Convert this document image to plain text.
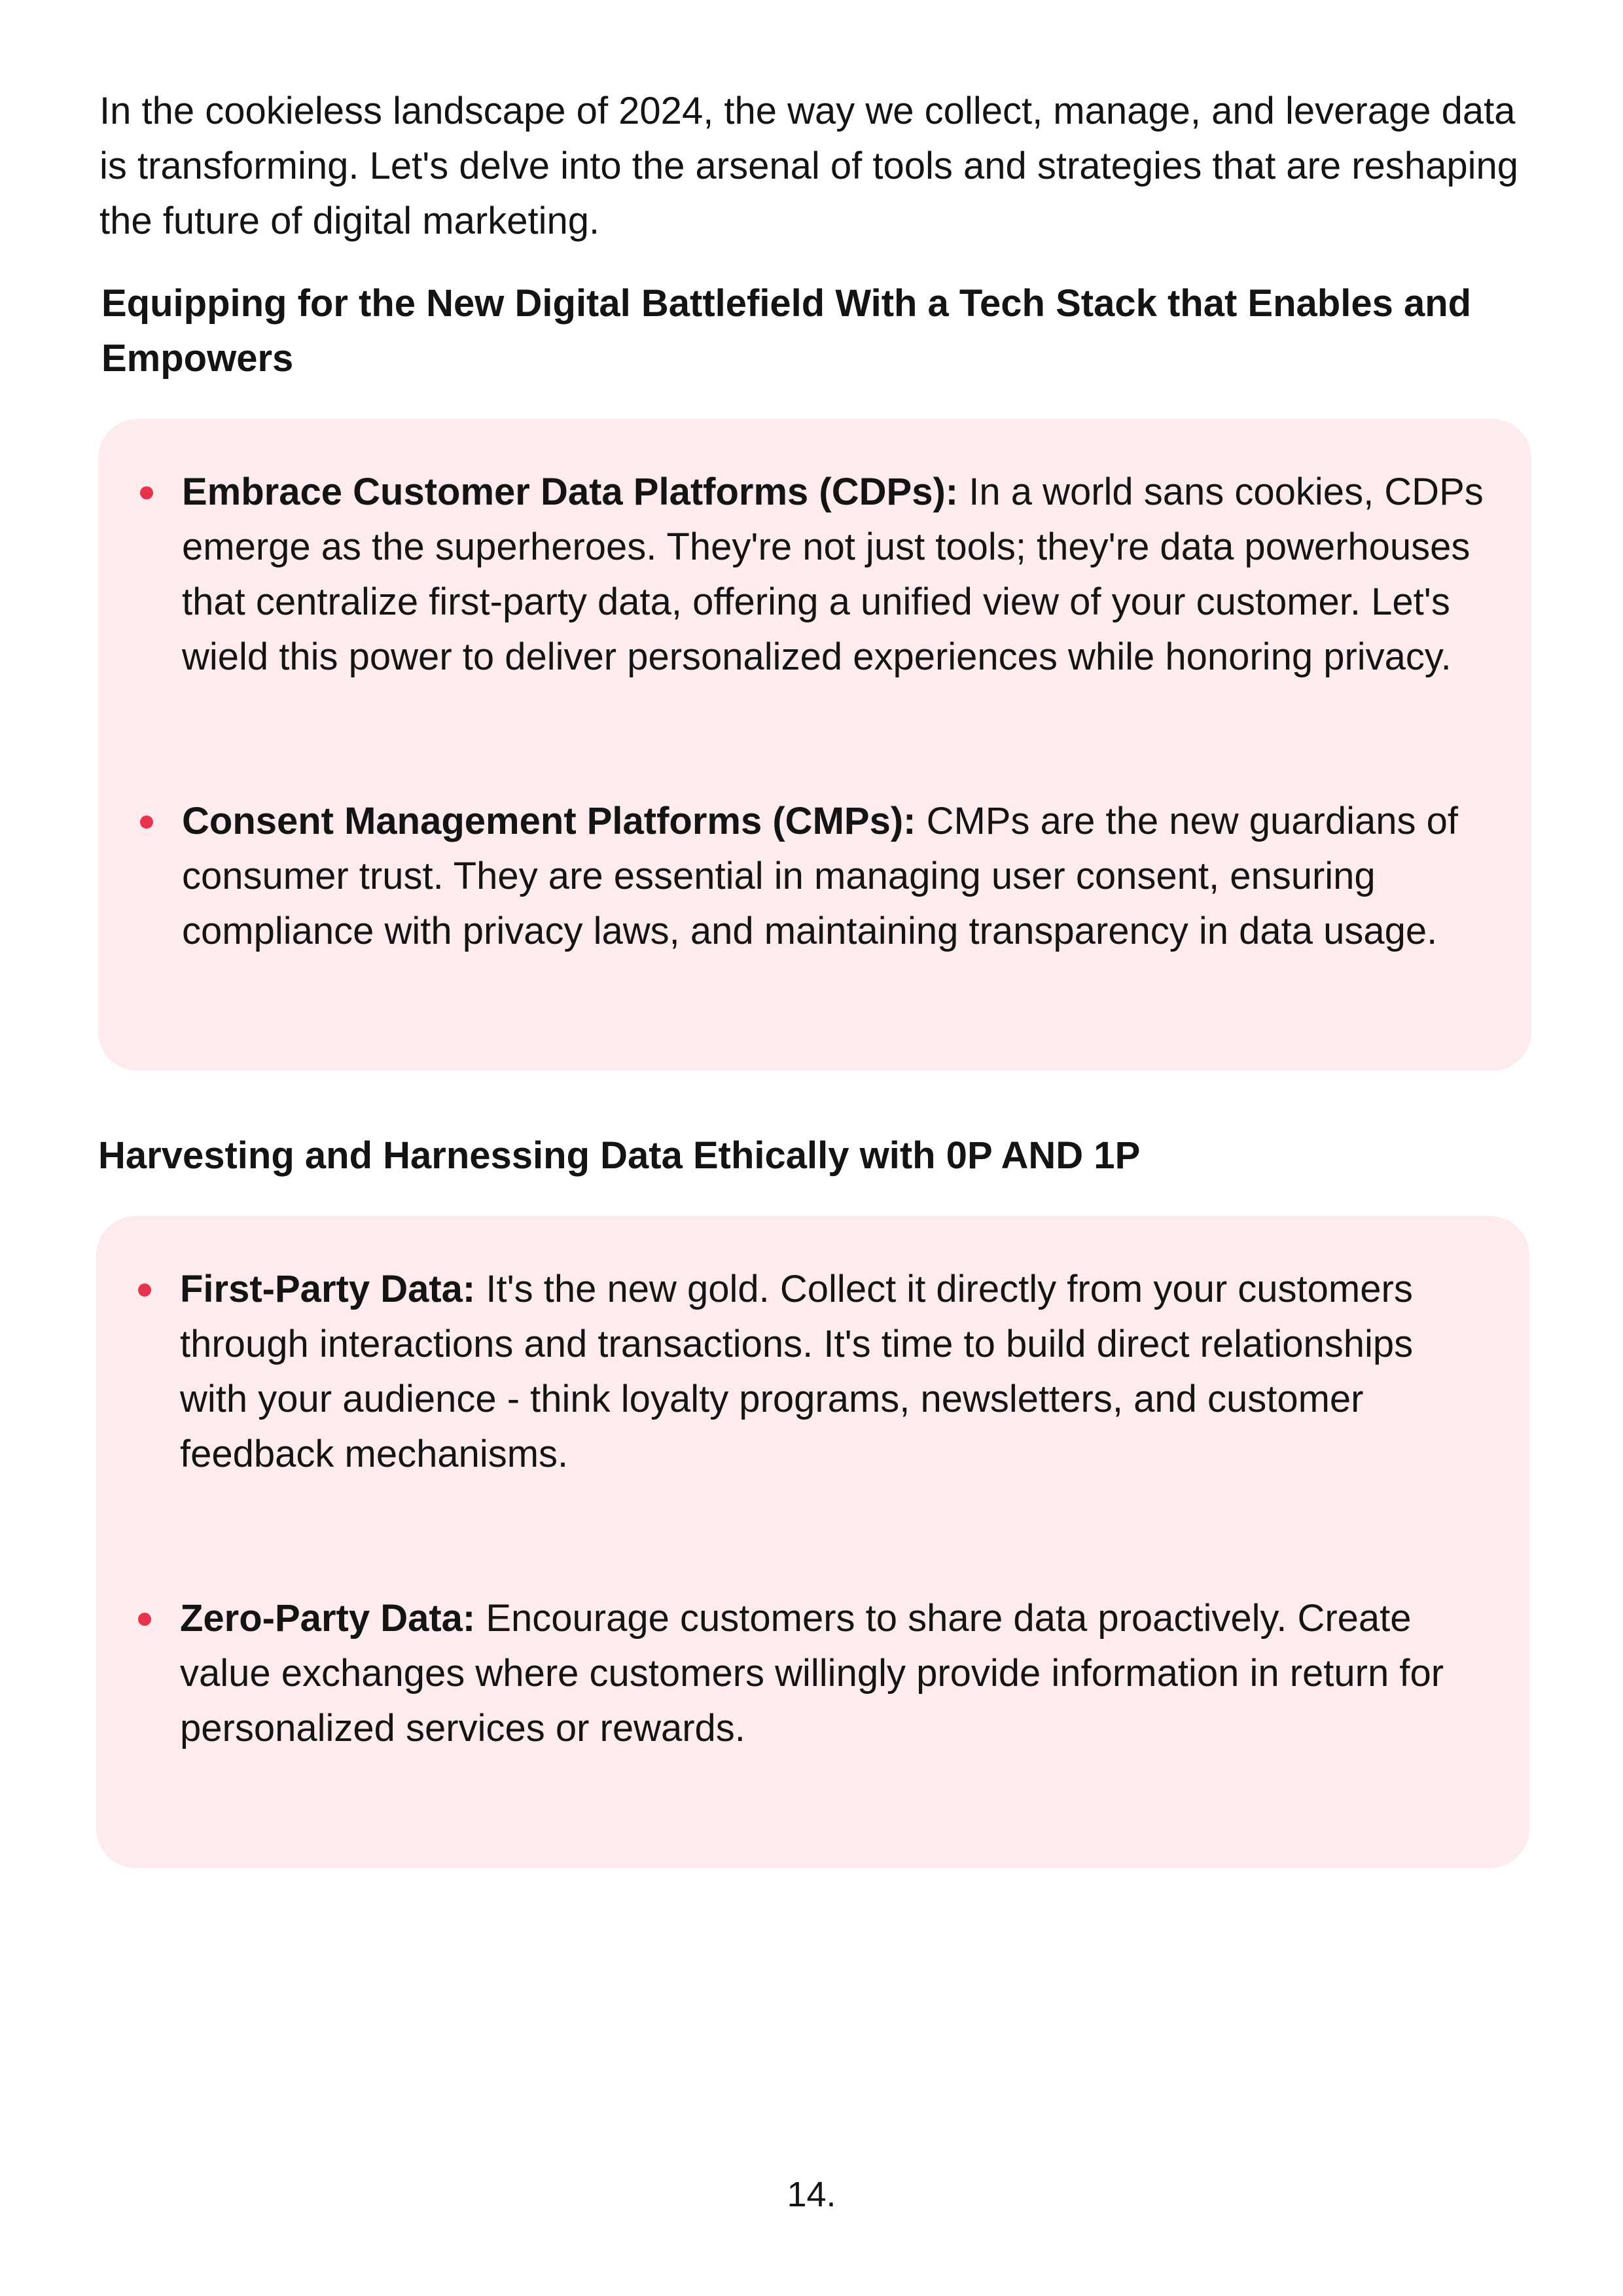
In the cookieless landscape of 2024, the way we collect, manage, and leverage data is transforming. Let's delve into the arsenal of tools and strategies that are reshaping the future of digital marketing.

Equipping for the New Digital Battlefield With a Tech Stack that Enables and Empowers
Embrace Customer Data Platforms (CDPs): In a world sans cookies, CDPs emerge as the superheroes. They're not just tools; they're data powerhouses that centralize first-party data, offering a unified view of your customer. Let's wield this power to deliver personalized experiences while honoring privacy.
Consent Management Platforms (CMPs): CMPs are the new guardians of consumer trust. They are essential in managing user consent, ensuring compliance with privacy laws, and maintaining transparency in data usage.
Harvesting and Harnessing Data Ethically with 0P AND 1P
First-Party Data: It's the new gold. Collect it directly from your customers through interactions and transactions. It's time to build direct relationships with your audience - think loyalty programs, newsletters, and customer feedback mechanisms.
Zero-Party Data: Encourage customers to share data proactively. Create value exchanges where customers willingly provide information in return for personalized services or rewards.
14.
